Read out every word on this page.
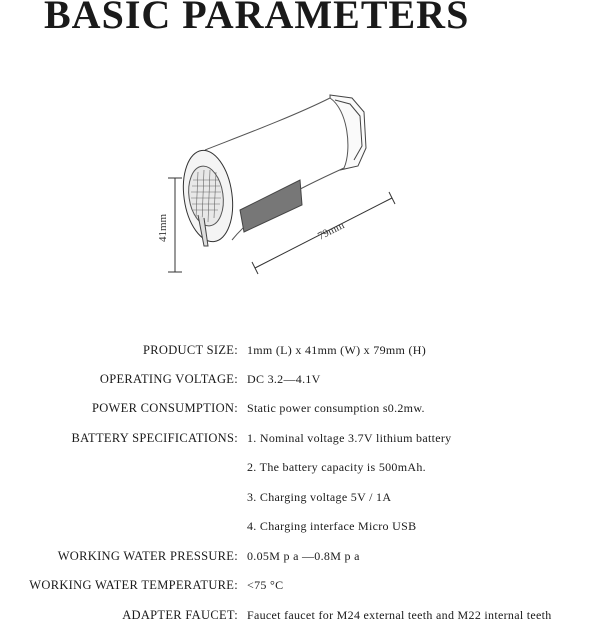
BASIC PARAMETERS
41mm	79mm
PRODUCT SIZE: 1mm (L) x 41mm (W) x 79mm (H)
OPERATING VOLTAGE: DC 3.2—4.1V
POWER CONSUMPTION: Static power consumption s0.2mw.
BATTERY SPECIFICATIONS: 1. Nominal voltage 3.7V lithium battery
2. The battery capacity is 500mAh.
3. Charging voltage 5V / 1A
4. Charging interface Micro USB
WORKING WATER PRESSURE: 0.05M p a —0.8M p a
WORKING WATER TEMPERATURE: <75 °C
ADAPTER FAUCET: Faucet faucet for M24 external teeth and M22 internal teeth
